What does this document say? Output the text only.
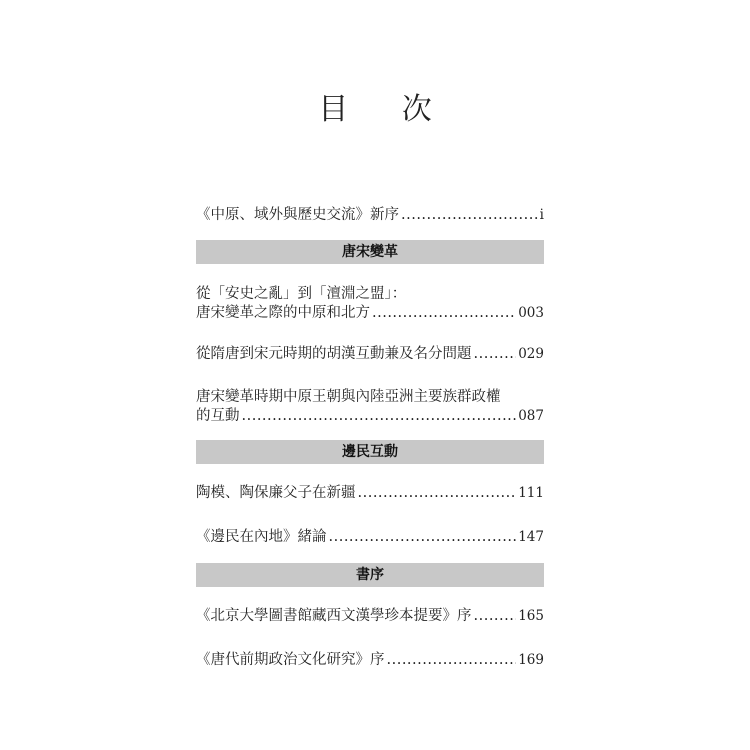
目 次
《中原、域外與歷史交流》新序 .....	i
唐宋變革
從「安史之亂」到「澶淵之盟」：
唐宋變革之際的中原和北方 .....	003
從隋唐到宋元時期的胡漢互動兼及名分問題 .....	029
唐宋變革時期中原王朝與內陸亞洲主要族群政權
的互動 .....	087
邊民互動
陶模、陶保廉父子在新疆 .....	111
《邊民在內地》緒論 .....	147
書序
《北京大學圖書館藏西文漢學珍本提要》序 .....	165
《唐代前期政治文化研究》序 .....	169
